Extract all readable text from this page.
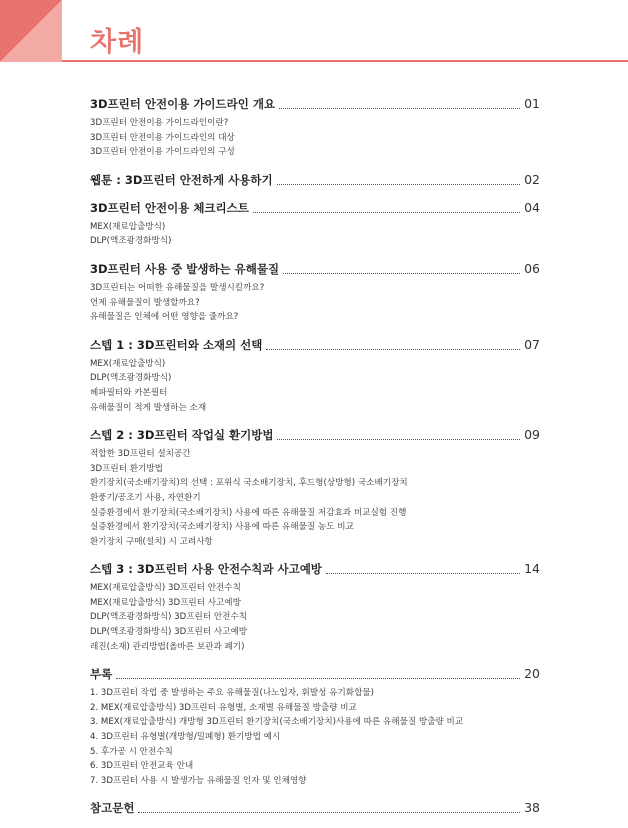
차례
3D프린터 안전이용 가이드라인 개요	01
3D프린터 안전이용 가이드라인이란?
3D프린터 안전이용 가이드라인의 대상
3D프린터 안전이용 가이드라인의 구성
웹툰 : 3D프린터 안전하게 사용하기	02
3D프린터 안전이용 체크리스트	04
MEX(재료압출방식)
DLP(액조광경화방식)
3D프린터 사용 중 발생하는 유해물질	06
3D프린터는 어떠한 유해물질을 발생시킬까요?
언제 유해물질이 발생할까요?
유해물질은 인체에 어떤 영향을 줄까요?
스텝 1 : 3D프린터와 소재의 선택	07
MEX(재료압출방식)
DLP(액조광경화방식)
헤파필터와 카본필터
유해물질이 적게 발생하는 소재
스텝 2 : 3D프린터 작업실 환기방법	09
적합한 3D프린터 설치공간
3D프린터 환기방법
환기장치(국소배기장치)의 선택 : 포위식 국소배기장치, 후드형(상방형) 국소배기장치
환풍기/공조기 사용, 자연환기
실증환경에서 환기장치(국소배기장치) 사용에 따른 유해물질 저감효과 비교실험 진행
실증환경에서 환기장치(국소배기장치) 사용에 따른 유해물질 농도 비교
환기장치 구매(설치) 시 고려사항
스텝 3 : 3D프린터 사용 안전수칙과 사고예방	14
MEX(재료압출방식) 3D프린터 안전수칙
MEX(재료압출방식) 3D프린터 사고예방
DLP(액조광경화방식) 3D프린터 안전수칙
DLP(액조광경화방식) 3D프린터 사고예방
레진(소재) 관리방법(올바른 보관과 폐기)
부록	20
1. 3D프린터 작업 중 발생하는 주요 유해물질(나노입자, 휘발성 유기화합물)
2. MEX(재료압출방식) 3D프린터 유형별, 소재별 유해물질 방출량 비교
3. MEX(재료압출방식) 개방형 3D프린터 환기장치(국소배기장치)사용에 따른 유해물질 방출량 비교
4. 3D프린터 유형별(개방형/밀폐형) 환기방법 예시
5. 후가공 시 안전수칙
6. 3D프린터 안전교육 안내
7. 3D프린터 사용 시 발생가능 유해물질 인자 및 인체영향
참고문헌	38
